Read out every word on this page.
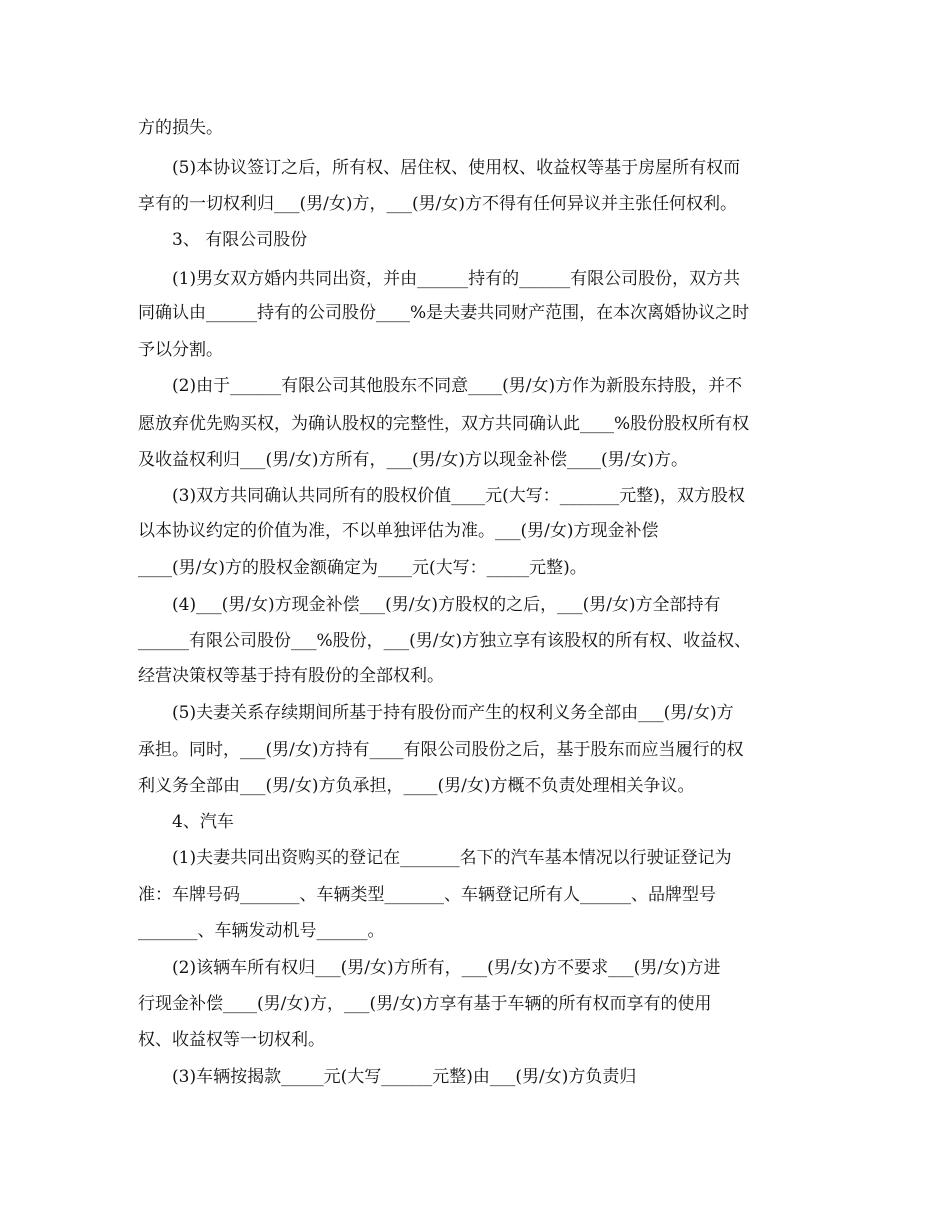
方的损失。
(5)本协议签订之后，所有权、居住权、使用权、收益权等基于房屋所有权而
享有的一切权利归___(男/女)方，___(男/女)方不得有任何异议并主张任何权利。
3、 有限公司股份
(1)男女双方婚内共同出资，并由______持有的______有限公司股份，双方共
同确认由______持有的公司股份____%是夫妻共同财产范围，在本次离婚协议之时
予以分割。
(2)由于______有限公司其他股东不同意____(男/女)方作为新股东持股，并不
愿放弃优先购买权，为确认股权的完整性，双方共同确认此____%股份股权所有权
及收益权利归___(男/女)方所有，___(男/女)方以现金补偿____(男/女)方。
(3)双方共同确认共同所有的股权价值____元(大写：_______元整)，双方股权
以本协议约定的价值为准，不以单独评估为准。___(男/女)方现金补偿
____(男/女)方的股权金额确定为____元(大写：_____元整)。
(4)___(男/女)方现金补偿___(男/女)方股权的之后，___(男/女)方全部持有
______有限公司股份___%股份，___(男/女)方独立享有该股权的所有权、收益权、
经营决策权等基于持有股份的全部权利。
(5)夫妻关系存续期间所基于持有股份而产生的权利义务全部由___(男/女)方
承担。同时，___(男/女)方持有____有限公司股份之后，基于股东而应当履行的权
利义务全部由___(男/女)方负承担，____(男/女)方概不负责处理相关争议。
4、汽车
(1)夫妻共同出资购买的登记在_______名下的汽车基本情况以行驶证登记为
准：车牌号码_______、车辆类型_______、车辆登记所有人______、品牌型号
_______、车辆发动机号______。
(2)该辆车所有权归___(男/女)方所有，___(男/女)方不要求___(男/女)方进
行现金补偿____(男/女)方，___(男/女)方享有基于车辆的所有权而享有的使用
权、收益权等一切权利。
(3)车辆按揭款_____元(大写______元整)由___(男/女)方负责归
